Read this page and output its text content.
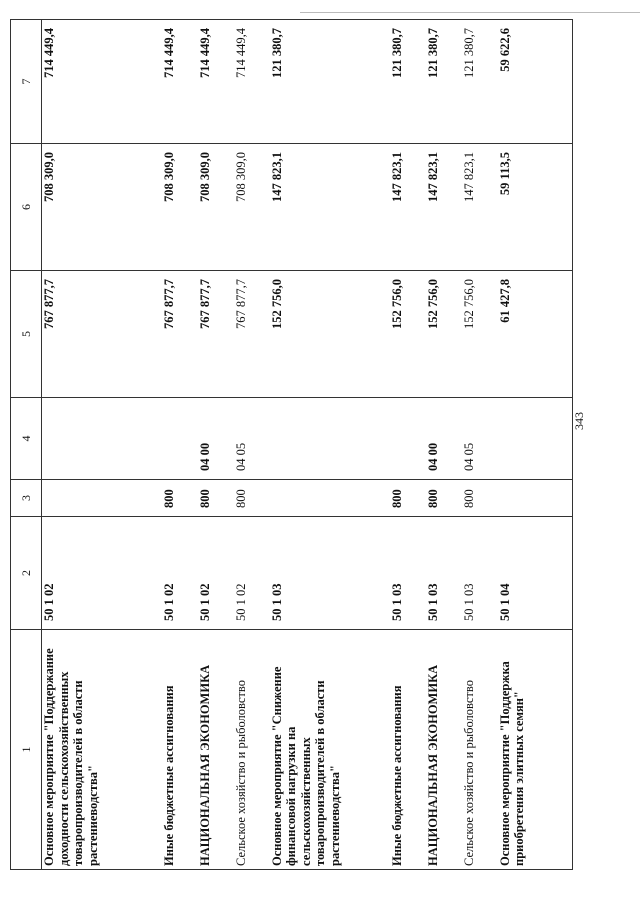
343
1	2	3	4	5	6	7
Основное мероприятие "Поддержание доходности сельскохозяйственных товаропроизводителей в области растениеводства"	50 1 02			767 877,7	708 309,0	714 449,4
Иные бюджетные ассигнования	50 1 02	800		767 877,7	708 309,0	714 449,4
НАЦИОНАЛЬНАЯ ЭКОНОМИКА	50 1 02	800	04 00	767 877,7	708 309,0	714 449,4
Сельское хозяйство и рыболовство	50 1 02	800	04 05	767 877,7	708 309,0	714 449,4
Основное мероприятие "Снижение финансовой нагрузки на сельскохозяйственных товаропроизводителей в области растениеводства"	50 1 03			152 756,0	147 823,1	121 380,7
Иные бюджетные ассигнования	50 1 03	800		152 756,0	147 823,1	121 380,7
НАЦИОНАЛЬНАЯ ЭКОНОМИКА	50 1 03	800	04 00	152 756,0	147 823,1	121 380,7
Сельское хозяйство и рыболовство	50 1 03	800	04 05	152 756,0	147 823,1	121 380,7
Основное мероприятие "Поддержка приобретения элитных семян"	50 1 04			61 427,8	59 113,5	59 622,6
